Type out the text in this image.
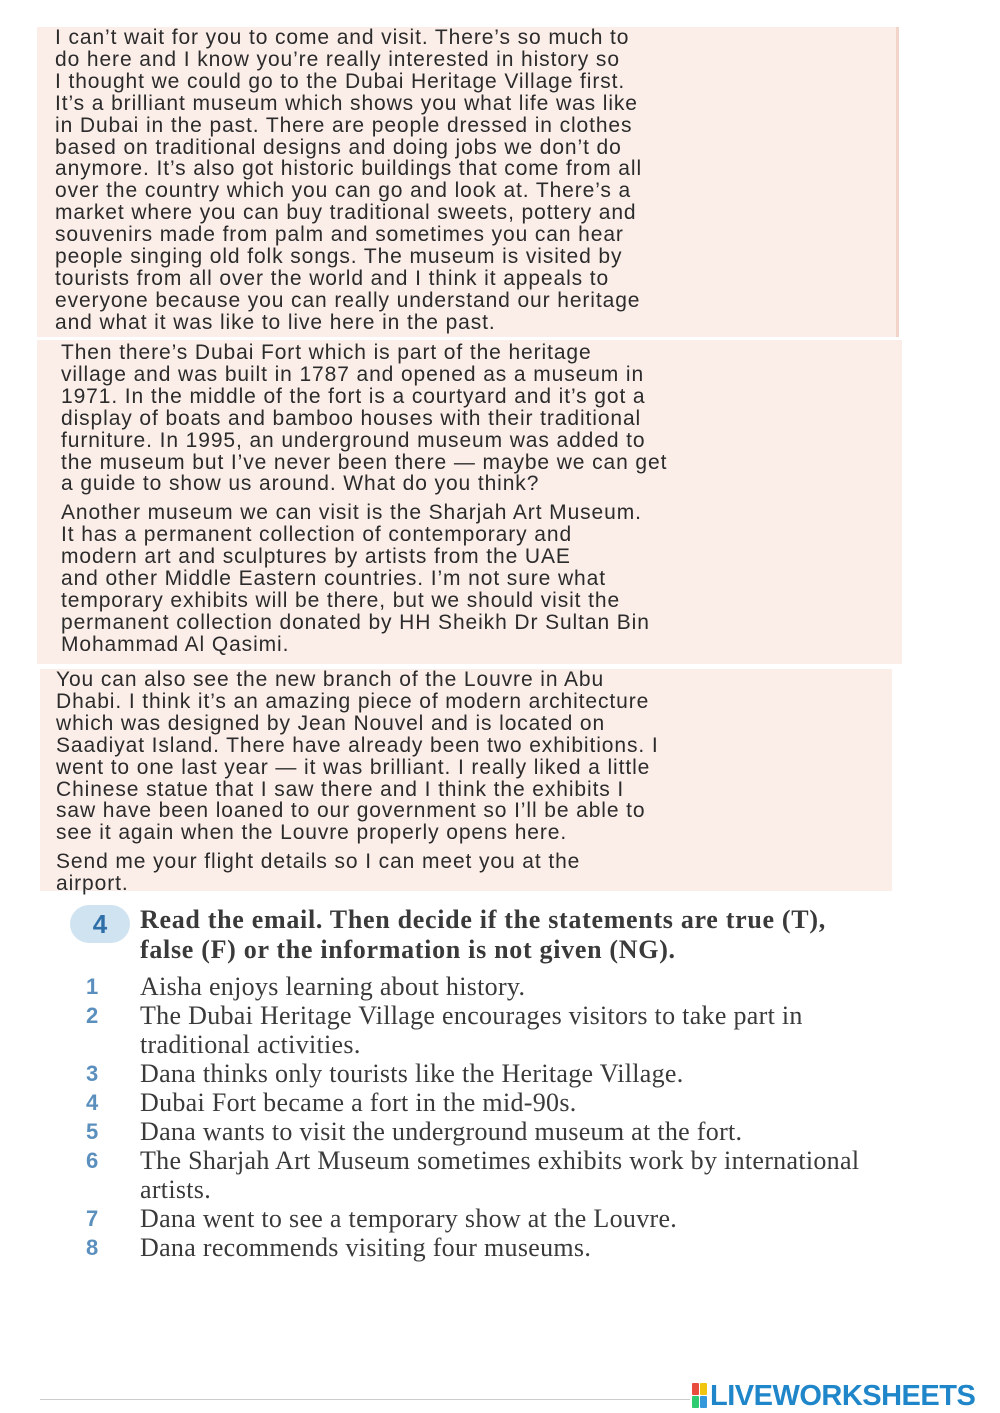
I can’t wait for you to come and visit. There’s so much to
do here and I know you’re really interested in history so
I thought we could go to the Dubai Heritage Village first.
It’s a brilliant museum which shows you what life was like
in Dubai in the past. There are people dressed in clothes
based on traditional designs and doing jobs we don’t do
anymore. It’s also got historic buildings that come from all
over the country which you can go and look at. There’s a
market where you can buy traditional sweets, pottery and
souvenirs made from palm and sometimes you can hear
people singing old folk songs. The museum is visited by
tourists from all over the world and I think it appeals to
everyone because you can really understand our heritage
and what it was like to live here in the past.

Then there’s Dubai Fort which is part of the heritage
village and was built in 1787 and opened as a museum in
1971. In the middle of the fort is a courtyard and it’s got a
display of boats and bamboo houses with their traditional
furniture. In 1995, an underground museum was added to
the museum but I’ve never been there — maybe we can get
a guide to show us around. What do you think?

Another museum we can visit is the Sharjah Art Museum.
It has a permanent collection of contemporary and
modern art and sculptures by artists from the UAE
and other Middle Eastern countries. I’m not sure what
temporary exhibits will be there, but we should visit the
permanent collection donated by HH Sheikh Dr Sultan Bin
Mohammad Al Qasimi.

You can also see the new branch of the Louvre in Abu
Dhabi. I think it’s an amazing piece of modern architecture
which was designed by Jean Nouvel and is located on
Saadiyat Island. There have already been two exhibitions. I
went to one last year — it was brilliant. I really liked a little
Chinese statue that I saw there and I think the exhibits I
saw have been loaned to our government so I’ll be able to
see it again when the Louvre properly opens here.

Send me your flight details so I can meet you at the
airport.

4	Read the email. Then decide if the statements are true (T), false (F) or the information is not given (NG).
1	Aisha enjoys learning about history.
2	The Dubai Heritage Village encourages visitors to take part in traditional activities.
3	Dana thinks only tourists like the Heritage Village.
4	Dubai Fort became a fort in the mid-90s.
5	Dana wants to visit the underground museum at the fort.
6	The Sharjah Art Museum sometimes exhibits work by international artists.
7	Dana went to see a temporary show at the Louvre.
8	Dana recommends visiting four museums.
LIVEWORKSHEETS
